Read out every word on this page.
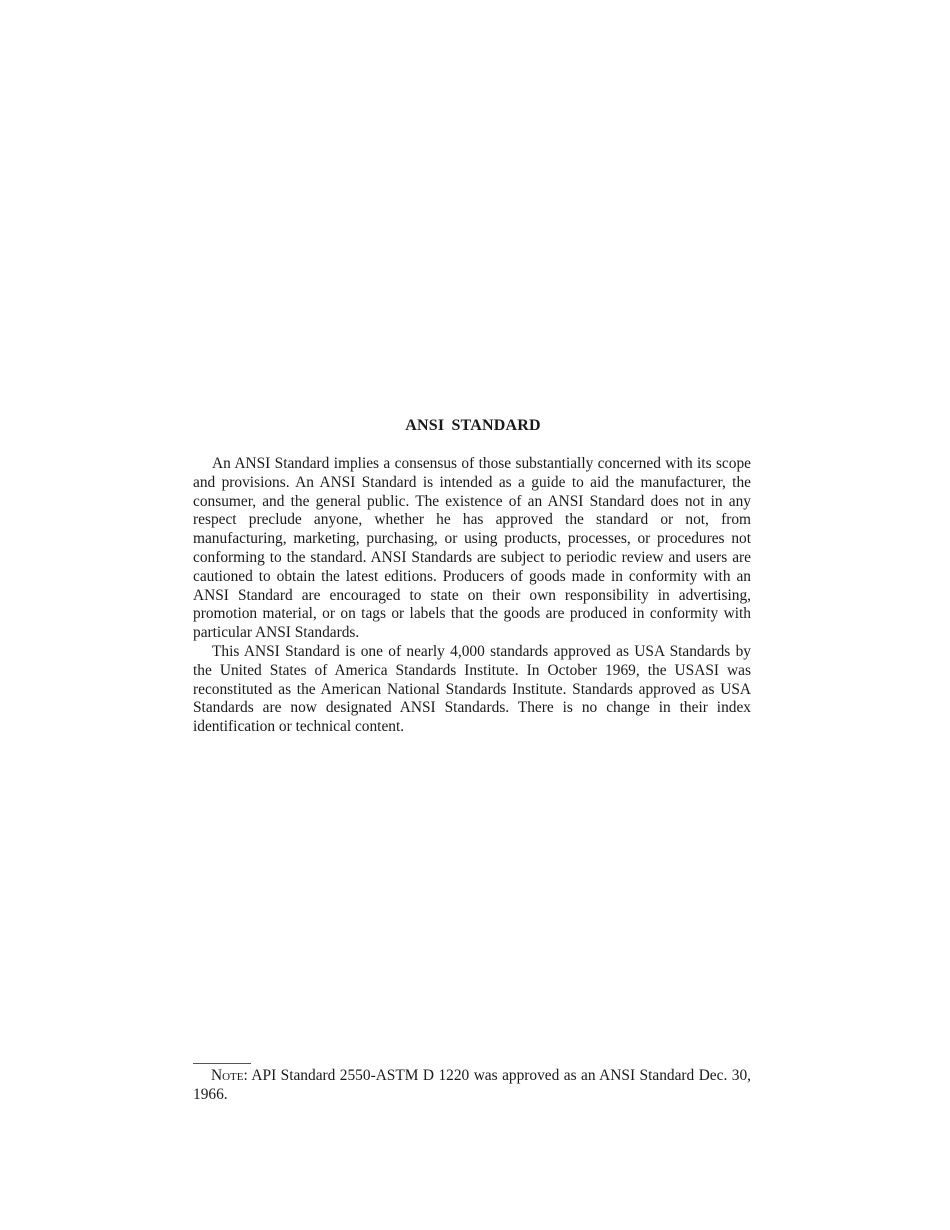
ANSI STANDARD

An ANSI Standard implies a consensus of those substantially concerned with its scope and provisions. An ANSI Standard is intended as a guide to aid the manufacturer, the consumer, and the general public. The existence of an ANSI Standard does not in any respect preclude anyone, whether he has approved the standard or not, from manufacturing, marketing, purchasing, or using products, processes, or procedures not conforming to the standard. ANSI Standards are subject to periodic review and users are cautioned to obtain the latest editions. Producers of goods made in conformity with an ANSI Standard are encouraged to state on their own responsibility in advertising, promotion material, or on tags or labels that the goods are produced in conformity with particular ANSI Standards.

This ANSI Standard is one of nearly 4,000 standards approved as USA Standards by the United States of America Standards Institute. In October 1969, the USASI was reconstituted as the American National Standards Institute. Standards approved as USA Standards are now designated ANSI Standards. There is no change in their index identification or technical content.

Note: API Standard 2550-ASTM D 1220 was approved as an ANSI Standard Dec. 30, 1966.
